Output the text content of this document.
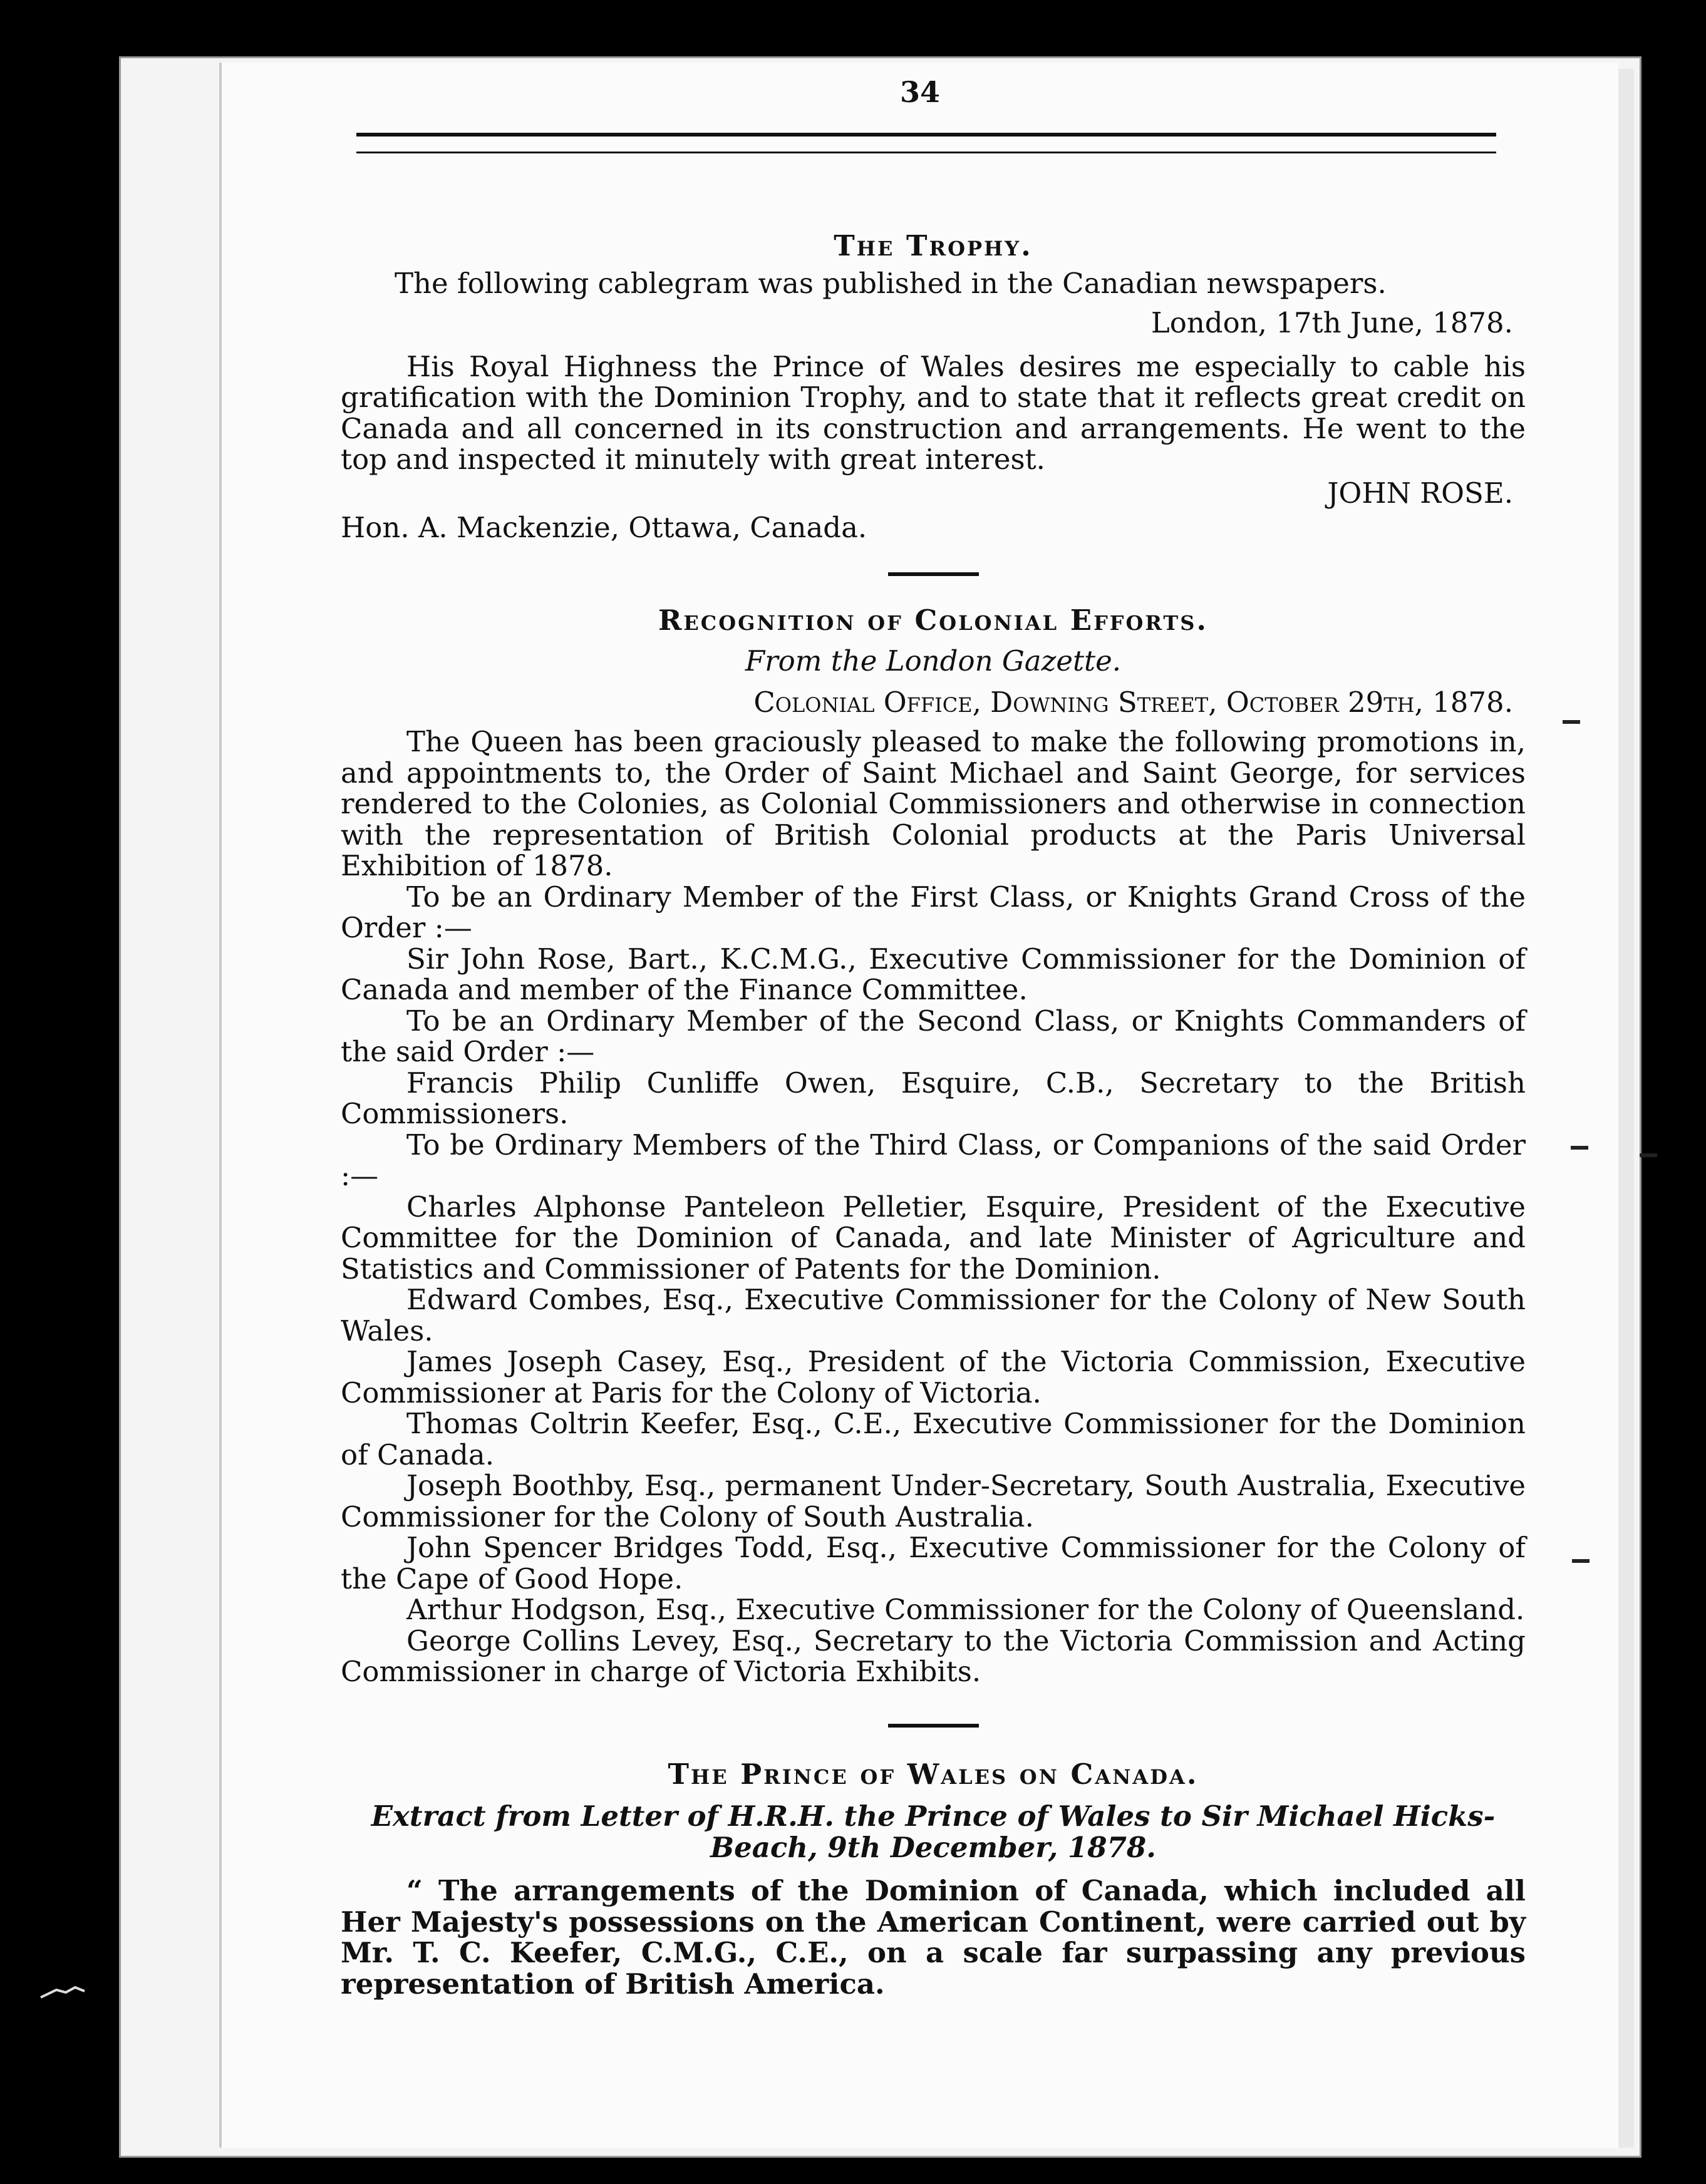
34

The Trophy.

The following cablegram was published in the Canadian newspapers.

London, 17th June, 1878.

His Royal Highness the Prince of Wales desires me especially to cable his gratification with the Dominion Trophy, and to state that it reflects great credit on Canada and all concerned in its construction and arrangements. He went to the top and inspected it minutely with great interest.

JOHN ROSE.

Hon. A. Mackenzie, Ottawa, Canada.

Recognition of Colonial Efforts.

From the London Gazette.

Colonial Office, Downing Street, October 29th, 1878.

The Queen has been graciously pleased to make the following promotions in, and appointments to, the Order of Saint Michael and Saint George, for services rendered to the Colonies, as Colonial Commissioners and otherwise in connection with the representation of British Colonial products at the Paris Universal Exhibition of 1878.

To be an Ordinary Member of the First Class, or Knights Grand Cross of the Order :—

Sir John Rose, Bart., K.C.M.G., Executive Commissioner for the Dominion of Canada and member of the Finance Committee.

To be an Ordinary Member of the Second Class, or Knights Commanders of the said Order :—

Francis Philip Cunliffe Owen, Esquire, C.B., Secretary to the British Commissioners.

To be Ordinary Members of the Third Class, or Companions of the said Order :—

Charles Alphonse Panteleon Pelletier, Esquire, President of the Executive Committee for the Dominion of Canada, and late Minister of Agriculture and Statistics and Commissioner of Patents for the Dominion.

Edward Combes, Esq., Executive Commissioner for the Colony of New South Wales.

James Joseph Casey, Esq., President of the Victoria Commission, Executive Commissioner at Paris for the Colony of Victoria.

Thomas Coltrin Keefer, Esq., C.E., Executive Commissioner for the Dominion of Canada.

Joseph Boothby, Esq., permanent Under-Secretary, South Australia, Executive Commissioner for the Colony of South Australia.

John Spencer Bridges Todd, Esq., Executive Commissioner for the Colony of the Cape of Good Hope.

Arthur Hodgson, Esq., Executive Commissioner for the Colony of Queensland.

George Collins Levey, Esq., Secretary to the Victoria Commission and Acting Commissioner in charge of Victoria Exhibits.

The Prince of Wales on Canada.

Extract from Letter of H.R.H. the Prince of Wales to Sir Michael Hicks-Beach, 9th December, 1878.

“ The arrangements of the Dominion of Canada, which included all Her Majesty's possessions on the American Continent, were carried out by Mr. T. C. Keefer, C.M.G., C.E., on a scale far surpassing any previous representation of British America.
